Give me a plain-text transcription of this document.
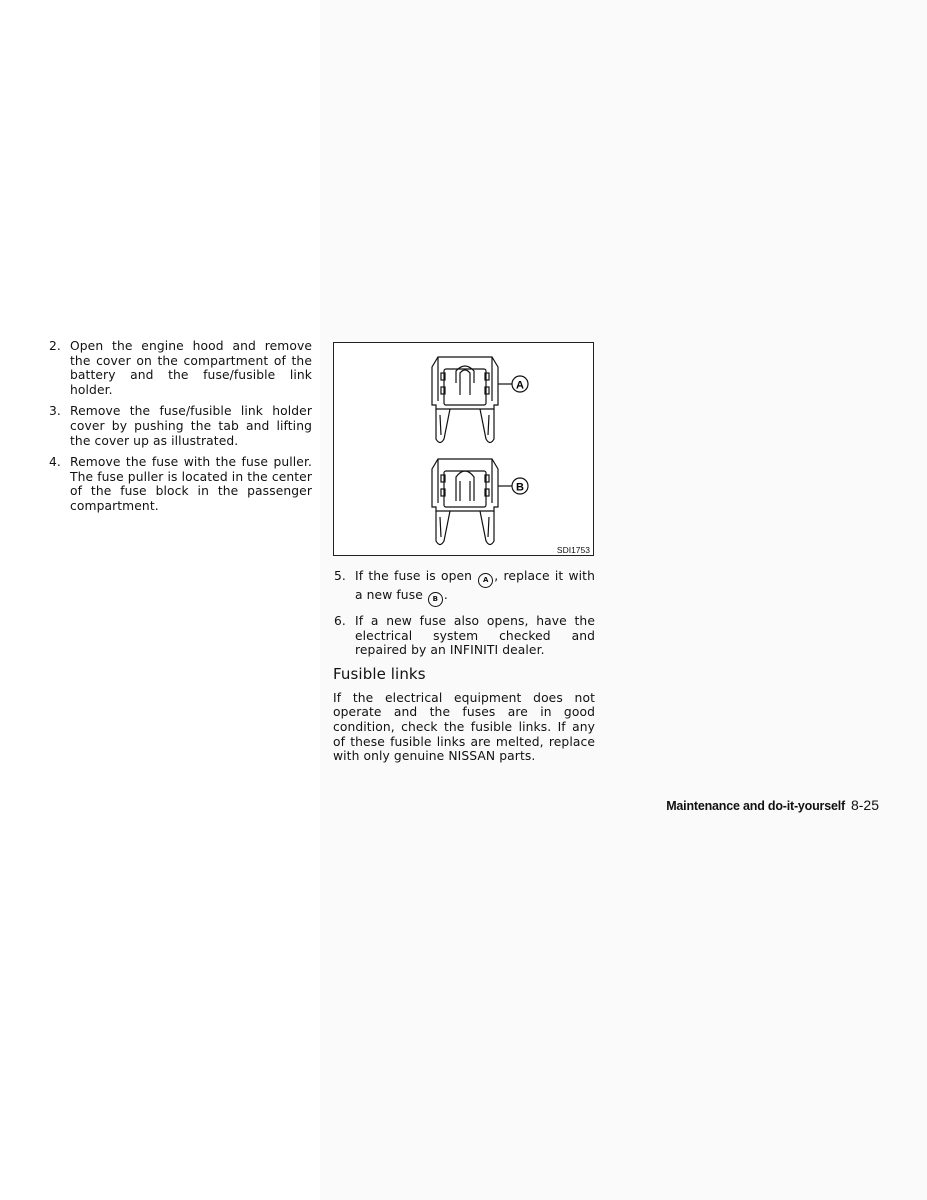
2. Open the engine hood and remove the cover on the compartment of the battery and the fuse/fusible link holder.
3. Remove the fuse/fusible link holder cover by pushing the tab and lifting the cover up as illustrated.
4. Remove the fuse with the fuse puller. The fuse puller is located in the center of the fuse block in the passenger compartment.
A
B
SDI1753
5. If the fuse is open A , replace it with a new fuse B .
6. If a new fuse also opens, have the electrical system checked and repaired by an INFINITI dealer.
Fusible links
If the electrical equipment does not operate and the fuses are in good condition, check the fusible links. If any of these fusible links are melted, replace with only genuine NISSAN parts.
Maintenance and do-it-yourself 8-25
